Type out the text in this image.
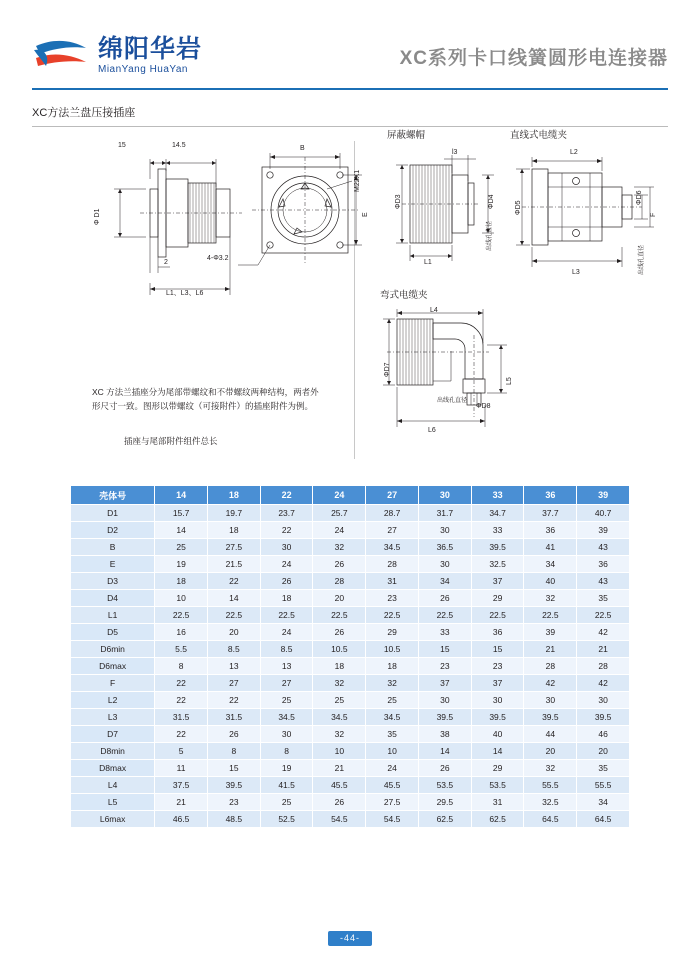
绵阳华岩
MianYang HuaYan
XC系列卡口线簧圆形电连接器
XC方法兰盘压接插座
15	14.5
Φ D1
2
L1、L3、L6
B
E
M22X1
4-Φ3.2
插座与尾部附件组件总长
XC 方法兰插座分为尾部带螺纹和不带螺纹两种结构，两者外形尺寸一致。图形以带螺纹（可接附件）的插座附件为例。
屏蔽螺帽
l3
ΦD3	ΦD4
L1
直线式电缆夹
L2
ΦD5
ΦD6
F
L3	出线孔直径
出线孔直径
弯式电缆夹
L4
ΦD7
L5
ΦD8
L6
出线孔直径
壳体号	14	18	22	24	27	30	33	36	39
D1	15.7	19.7	23.7	25.7	28.7	31.7	34.7	37.7	40.7
D2	14	18	22	24	27	30	33	36	39
B	25	27.5	30	32	34.5	36.5	39.5	41	43
E	19	21.5	24	26	28	30	32.5	34	36
D3	18	22	26	28	31	34	37	40	43
D4	10	14	18	20	23	26	29	32	35
L1	22.5	22.5	22.5	22.5	22.5	22.5	22.5	22.5	22.5
D5	16	20	24	26	29	33	36	39	42
D6min	5.5	8.5	8.5	10.5	10.5	15	15	21	21
D6max	8	13	13	18	18	23	23	28	28
F	22	27	27	32	32	37	37	42	42
L2	22	22	25	25	25	30	30	30	30
L3	31.5	31.5	34.5	34.5	34.5	39.5	39.5	39.5	39.5
D7	22	26	30	32	35	38	40	44	46
D8min	5	8	8	10	10	14	14	20	20
D8max	11	15	19	21	24	26	29	32	35
L4	37.5	39.5	41.5	45.5	45.5	53.5	53.5	55.5	55.5
L5	21	23	25	26	27.5	29.5	31	32.5	34
L6max	46.5	48.5	52.5	54.5	54.5	62.5	62.5	64.5	64.5
-44-
